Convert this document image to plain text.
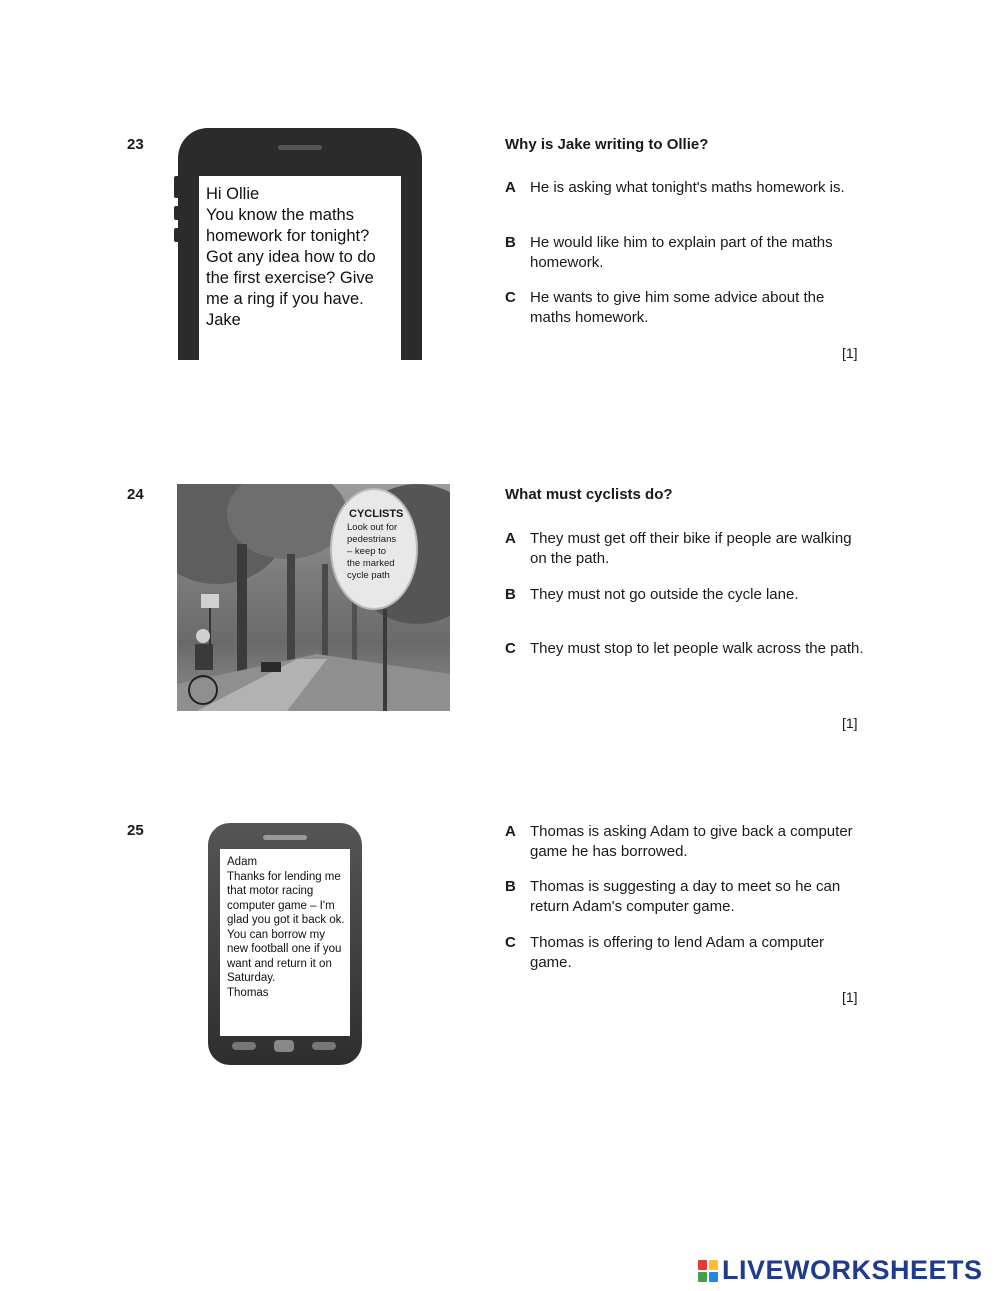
23
Hi Ollie
You know the maths homework for tonight?
Got any idea how to do the first exercise? Give me a ring if you have.
Jake
Why is Jake writing to Ollie?
A He is asking what tonight's maths homework is.
B He would like him to explain part of the maths homework.
C He wants to give him some advice about the maths homework.
[1]
24
CYCLISTS
Look out for
pedestrians
– keep to
the marked
cycle path
What must cyclists do?
A They must get off their bike if people are walking on the path.
B They must not go outside the cycle lane.
C They must stop to let people walk across the path.
[1]
25
Adam
Thanks for lending me that motor racing computer game – I'm glad you got it back ok. You can borrow my new football one if you want and return it on Saturday.
Thomas
A Thomas is asking Adam to give back a computer game he has borrowed.
B Thomas is suggesting a day to meet so he can return Adam's computer game.
C Thomas is offering to lend Adam a computer game.
[1]
LIVEWORKSHEETS
